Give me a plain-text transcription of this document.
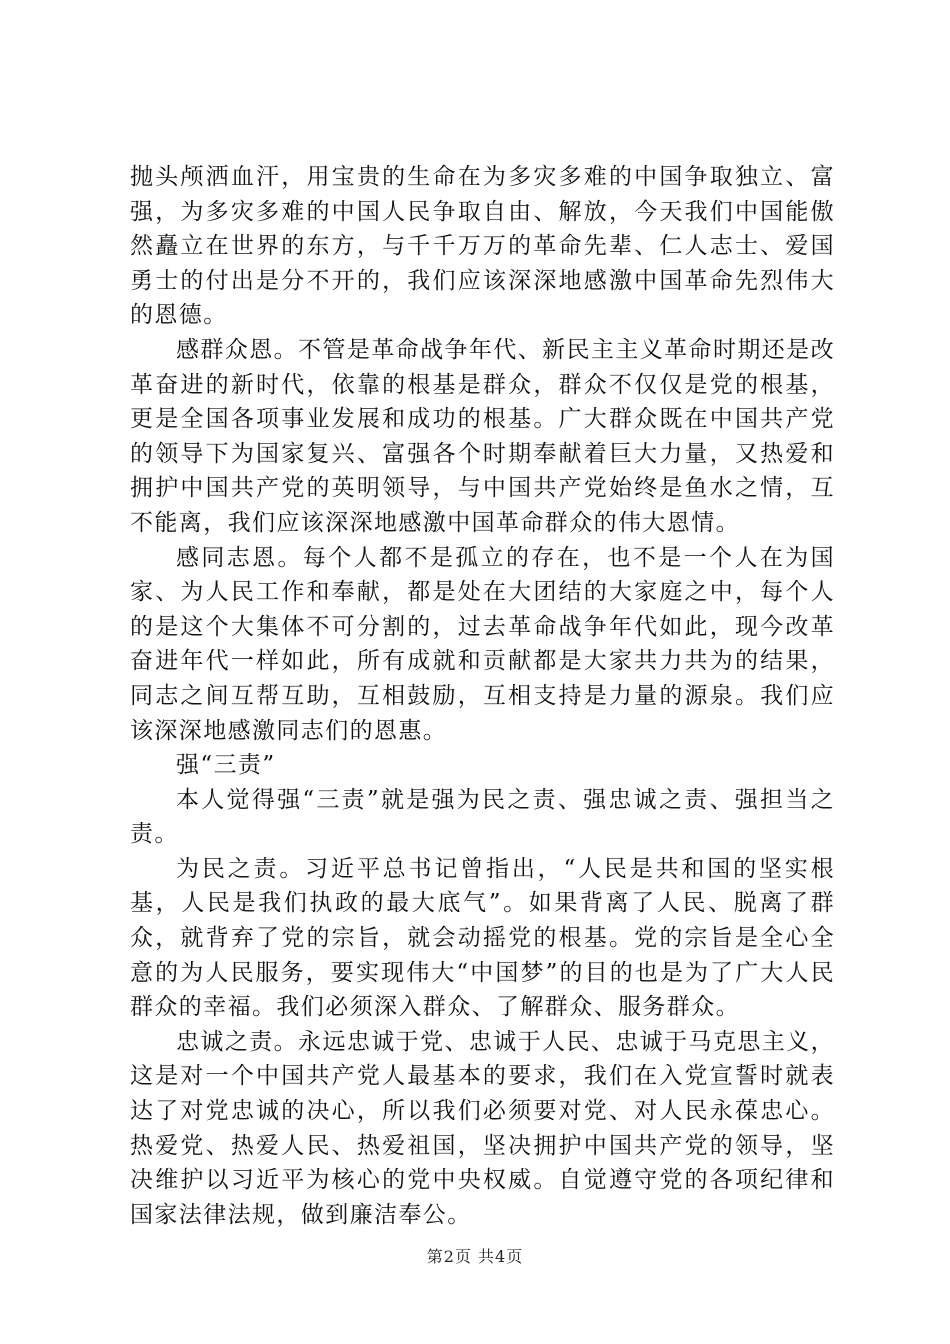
抛头颅洒血汗，用宝贵的生命在为多灾多难的中国争取独立、富强，为多灾多难的中国人民争取自由、解放，今天我们中国能傲然矗立在世界的东方，与千千万万的革命先辈、仁人志士、爱国勇士的付出是分不开的，我们应该深深地感激中国革命先烈伟大的恩德。

感群众恩。不管是革命战争年代、新民主主义革命时期还是改革奋进的新时代，依靠的根基是群众，群众不仅仅是党的根基，更是全国各项事业发展和成功的根基。广大群众既在中国共产党的领导下为国家复兴、富强各个时期奉献着巨大力量，又热爱和拥护中国共产党的英明领导，与中国共产党始终是鱼水之情，互不能离，我们应该深深地感激中国革命群众的伟大恩情。

感同志恩。每个人都不是孤立的存在，也不是一个人在为国家、为人民工作和奉献，都是处在大团结的大家庭之中，每个人的是这个大集体不可分割的，过去革命战争年代如此，现今改革奋进年代一样如此，所有成就和贡献都是大家共力共为的结果，同志之间互帮互助，互相鼓励，互相支持是力量的源泉。我们应该深深地感激同志们的恩惠。

强“三责”

本人觉得强“三责”就是强为民之责、强忠诚之责、强担当之责。

为民之责。习近平总书记曾指出，“人民是共和国的坚实根基，人民是我们执政的最大底气”。如果背离了人民、脱离了群众，就背弃了党的宗旨，就会动摇党的根基。党的宗旨是全心全意的为人民服务，要实现伟大“中国梦”的目的也是为了广大人民群众的幸福。我们必须深入群众、了解群众、服务群众。

忠诚之责。永远忠诚于党、忠诚于人民、忠诚于马克思主义，这是对一个中国共产党人最基本的要求，我们在入党宣誓时就表达了对党忠诚的决心，所以我们必须要对党、对人民永葆忠心。热爱党、热爱人民、热爱祖国，坚决拥护中国共产党的领导，坚决维护以习近平为核心的党中央权威。自觉遵守党的各项纪律和国家法律法规，做到廉洁奉公。

第2页 共4页
